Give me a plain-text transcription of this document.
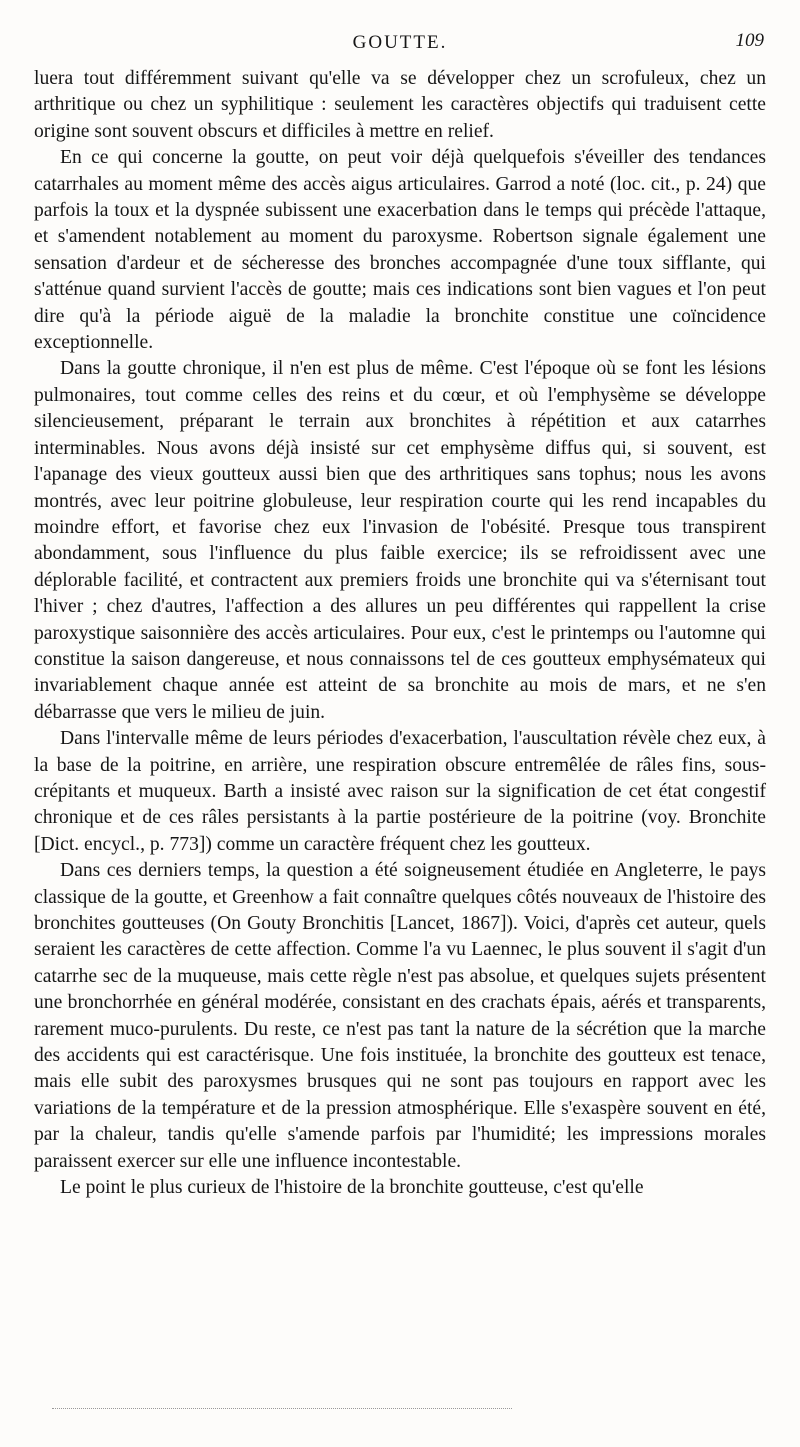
GOUTTE.	109

luera tout différemment suivant qu'elle va se développer chez un scrofuleux, chez un arthritique ou chez un syphilitique : seulement les caractères objectifs qui traduisent cette origine sont souvent obscurs et difficiles à mettre en relief.

En ce qui concerne la goutte, on peut voir déjà quelquefois s'éveiller des tendances catarrhales au moment même des accès aigus articulaires. Garrod a noté (loc. cit., p. 24) que parfois la toux et la dyspnée subissent une exacerbation dans le temps qui précède l'attaque, et s'amendent notablement au moment du paroxysme. Robertson signale également une sensation d'ardeur et de sécheresse des bronches accompagnée d'une toux sifflante, qui s'atténue quand survient l'accès de goutte; mais ces indications sont bien vagues et l'on peut dire qu'à la période aiguë de la maladie la bronchite constitue une coïncidence exceptionnelle.

Dans la goutte chronique, il n'en est plus de même. C'est l'époque où se font les lésions pulmonaires, tout comme celles des reins et du cœur, et où l'emphysème se développe silencieusement, préparant le terrain aux bronchites à répétition et aux catarrhes interminables. Nous avons déjà insisté sur cet emphysème diffus qui, si souvent, est l'apanage des vieux goutteux aussi bien que des arthritiques sans tophus; nous les avons montrés, avec leur poitrine globuleuse, leur respiration courte qui les rend incapables du moindre effort, et favorise chez eux l'invasion de l'obésité. Presque tous transpirent abondamment, sous l'influence du plus faible exercice; ils se refroidissent avec une déplorable facilité, et contractent aux premiers froids une bronchite qui va s'éternisant tout l'hiver ; chez d'autres, l'affection a des allures un peu différentes qui rappellent la crise paroxystique saisonnière des accès articulaires. Pour eux, c'est le printemps ou l'automne qui constitue la saison dangereuse, et nous connaissons tel de ces goutteux emphysémateux qui invariablement chaque année est atteint de sa bronchite au mois de mars, et ne s'en débarrasse que vers le milieu de juin.

Dans l'intervalle même de leurs périodes d'exacerbation, l'auscultation révèle chez eux, à la base de la poitrine, en arrière, une respiration obscure entremêlée de râles fins, sous-crépitants et muqueux. Barth a insisté avec raison sur la signification de cet état congestif chronique et de ces râles persistants à la partie postérieure de la poitrine (voy. Bronchite [Dict. encycl., p. 773]) comme un caractère fréquent chez les goutteux.

Dans ces derniers temps, la question a été soigneusement étudiée en Angleterre, le pays classique de la goutte, et Greenhow a fait connaître quelques côtés nouveaux de l'histoire des bronchites goutteuses (On Gouty Bronchitis [Lancet, 1867]). Voici, d'après cet auteur, quels seraient les caractères de cette affection. Comme l'a vu Laennec, le plus souvent il s'agit d'un catarrhe sec de la muqueuse, mais cette règle n'est pas absolue, et quelques sujets présentent une bronchorrhée en général modérée, consistant en des crachats épais, aérés et transparents, rarement muco-purulents. Du reste, ce n'est pas tant la nature de la sécrétion que la marche des accidents qui est caractérisque. Une fois instituée, la bronchite des goutteux est tenace, mais elle subit des paroxysmes brusques qui ne sont pas toujours en rapport avec les variations de la température et de la pression atmosphérique. Elle s'exaspère souvent en été, par la chaleur, tandis qu'elle s'amende parfois par l'humidité; les impressions morales paraissent exercer sur elle une influence incontestable.

Le point le plus curieux de l'histoire de la bronchite goutteuse, c'est qu'elle
